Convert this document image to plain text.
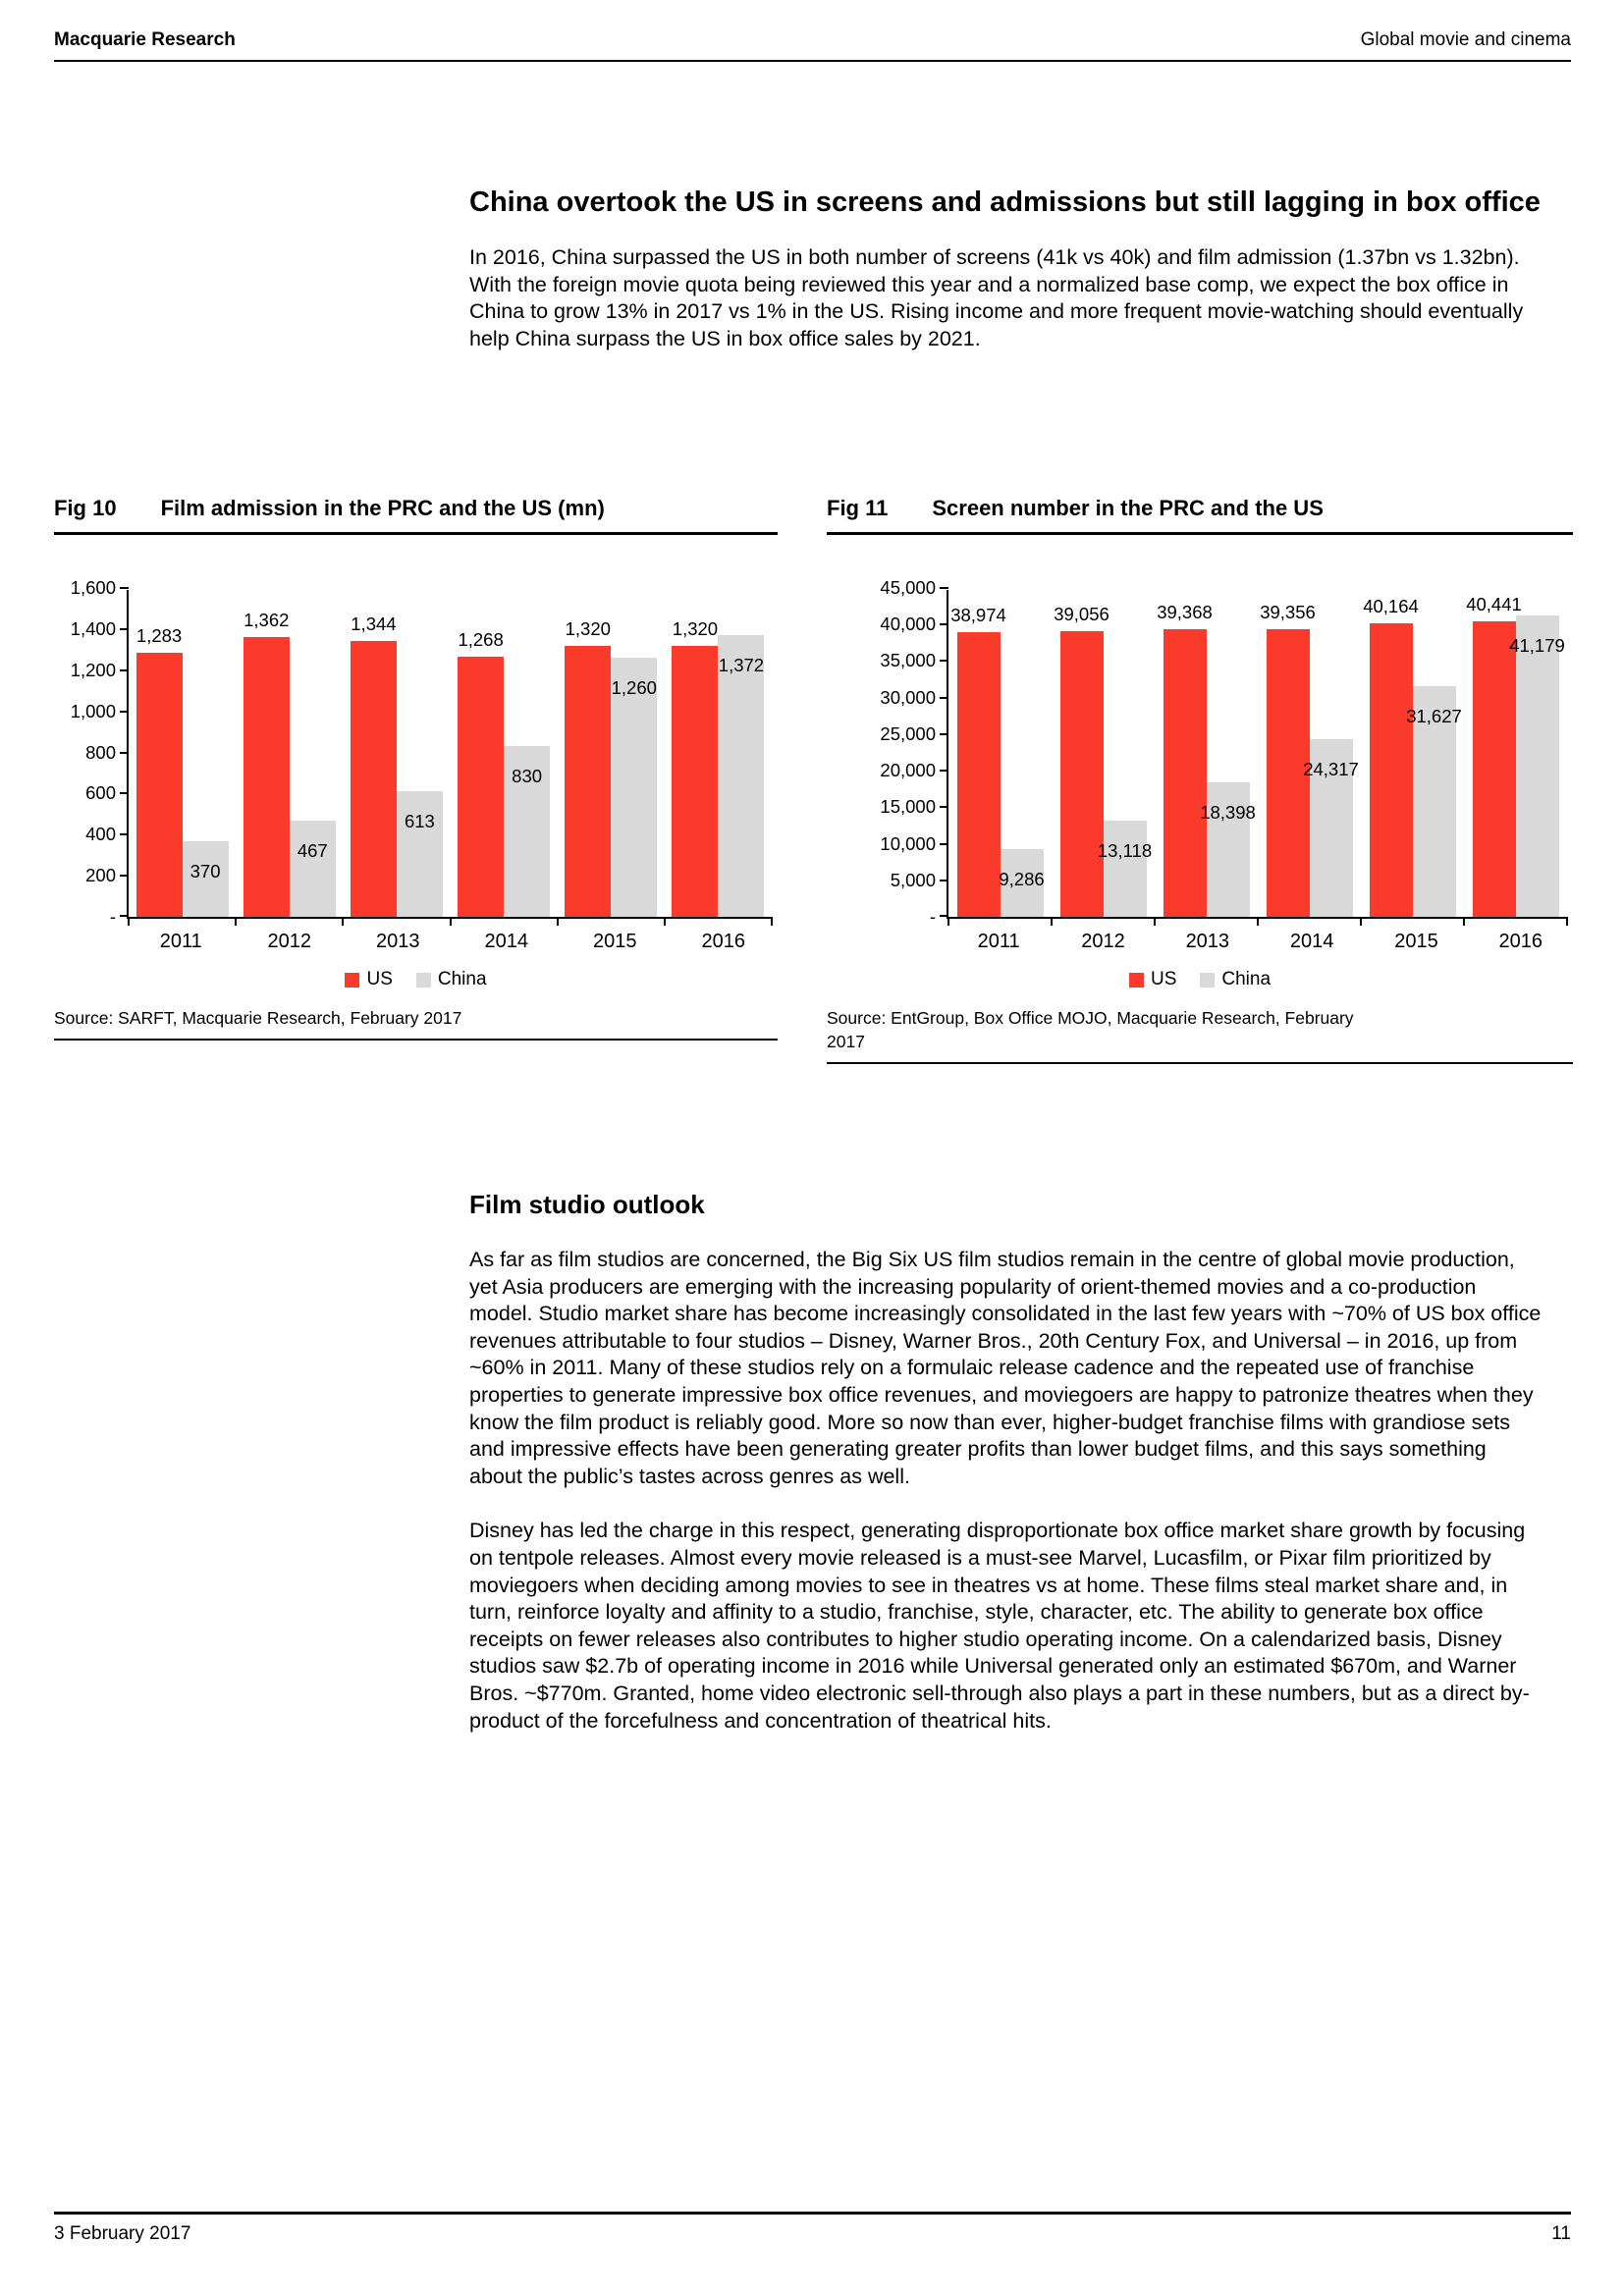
Macquarie Research	Global movie and cinema
China overtook the US in screens and admissions but still lagging in box office

In 2016, China surpassed the US in both number of screens (41k vs 40k) and film admission (1.37bn vs 1.32bn). With the foreign movie quota being reviewed this year and a normalized base comp, we expect the box office in China to grow 13% in 2017 vs 1% in the US. Rising income and more frequent movie-watching should eventually help China surpass the US in box office sales by 2021.

Fig 10 Film admission in the PRC and the US (mn)
1,600
1,400
1,200
1,000
800
600
400
200
-
1,283
370
1,362
467
1,344
613
1,268
830
1,320
1,260
1,320
1,372
2011	2012	2013	2014	2015	2016
US China
Source: SARFT, Macquarie Research, February 2017
Fig 11 Screen number in the PRC and the US
45,000
40,000
35,000
30,000
25,000
20,000
15,000
10,000
5,000
-
38,974
9,286
39,056
13,118
39,368
18,398
39,356
24,317
40,164
31,627
40,441
41,179
2011	2012	2013	2014	2015	2016
US China
Source: EntGroup, Box Office MOJO, Macquarie Research, February
2017
Film studio outlook

As far as film studios are concerned, the Big Six US film studios remain in the centre of global movie production, yet Asia producers are emerging with the increasing popularity of orient-themed movies and a co-production model. Studio market share has become increasingly consolidated in the last few years with ~70% of US box office revenues attributable to four studios – Disney, Warner Bros., 20th Century Fox, and Universal – in 2016, up from ~60% in 2011. Many of these studios rely on a formulaic release cadence and the repeated use of franchise properties to generate impressive box office revenues, and moviegoers are happy to patronize theatres when they know the film product is reliably good. More so now than ever, higher-budget franchise films with grandiose sets and impressive effects have been generating greater profits than lower budget films, and this says something about the public’s tastes across genres as well.

Disney has led the charge in this respect, generating disproportionate box office market share growth by focusing on tentpole releases. Almost every movie released is a must-see Marvel, Lucasfilm, or Pixar film prioritized by moviegoers when deciding among movies to see in theatres vs at home. These films steal market share and, in turn, reinforce loyalty and affinity to a studio, franchise, style, character, etc. The ability to generate box office receipts on fewer releases also contributes to higher studio operating income. On a calendarized basis, Disney studios saw $2.7b of operating income in 2016 while Universal generated only an estimated $670m, and Warner Bros. ~$770m. Granted, home video electronic sell-through also plays a part in these numbers, but as a direct by-product of the forcefulness and concentration of theatrical hits.

3 February 2017	11
